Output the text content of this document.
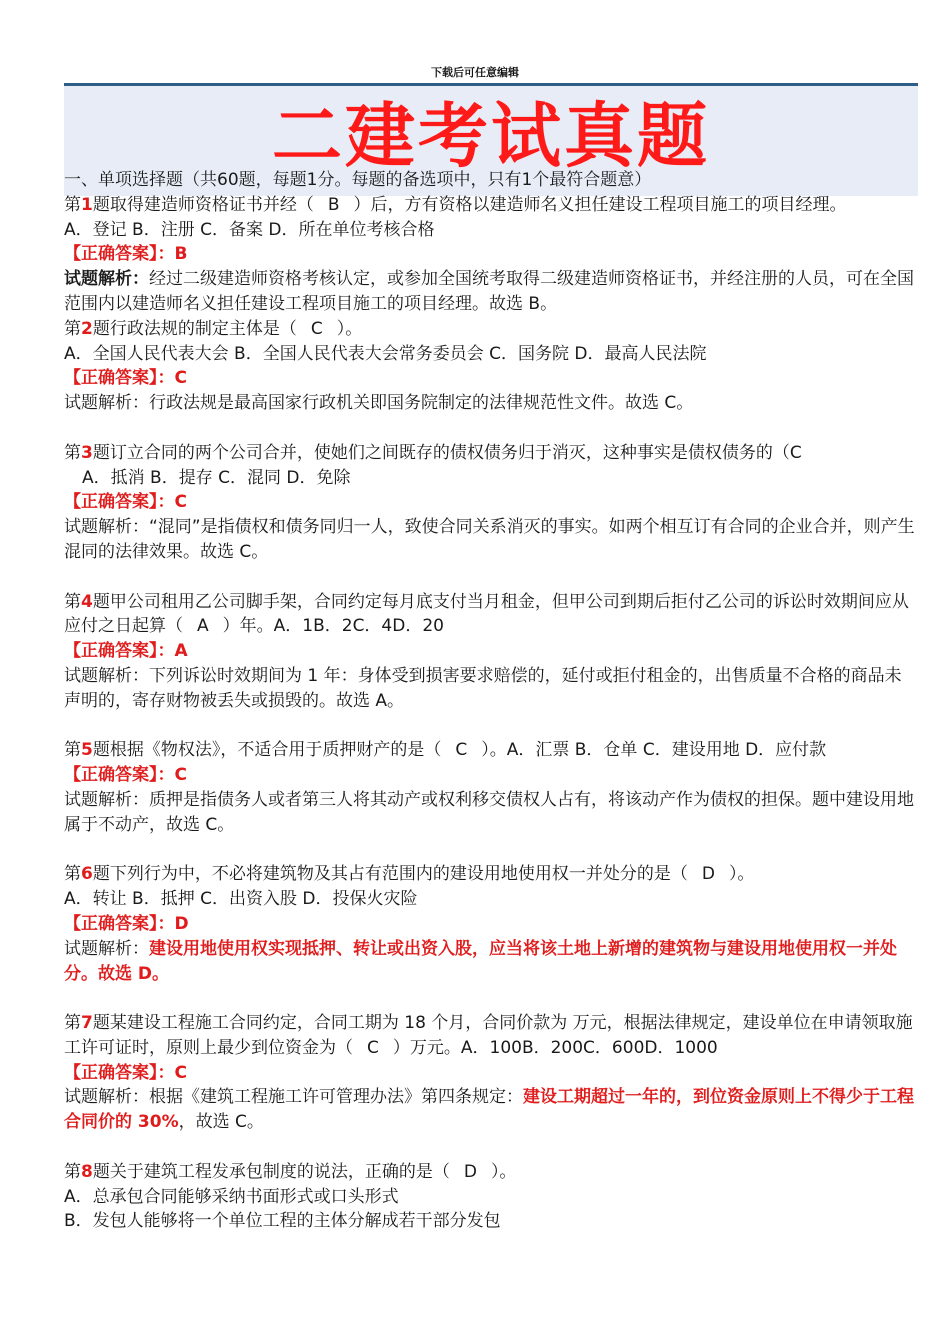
下载后可任意编辑
二建考试真题

一、单项选择题（共60题，每题1分。每题的备选项中，只有1个最符合题意）

第1题取得建造师资格证书并经（ B ）后，方有资格以建造师名义担任建设工程项目施工的项目经理。

A．登记 B．注册 C．备案 D．所在单位考核合格

【正确答案】：B

试题解析：经过二级建造师资格考核认定，或参加全国统考取得二级建造师资格证书，并经注册的人员，可在全国范围内以建造师名义担任建设工程项目施工的项目经理。故选 B。

第2题行政法规的制定主体是（ C ）。

A．全国人民代表大会 B．全国人民代表大会常务委员会 C．国务院 D．最高人民法院

【正确答案】：C

试题解析：行政法规是最高国家行政机关即国务院制定的法律规范性文件。故选 C。

第3题订立合同的两个公司合并，使她们之间既存的债权债务归于消灭，这种事实是债权债务的（C

A．抵消 B．提存 C．混同 D．免除

【正确答案】：C

试题解析：“混同”是指债权和债务同归一人，致使合同关系消灭的事实。如两个相互订有合同的企业合并，则产生混同的法律效果。故选 C。

第4题甲公司租用乙公司脚手架，合同约定每月底支付当月租金，但甲公司到期后拒付乙公司的诉讼时效期间应从应付之日起算（ A ）年。A．1B．2C．4D．20

【正确答案】：A

试题解析：下列诉讼时效期间为 1 年：身体受到损害要求赔偿的，延付或拒付租金的，出售质量不合格的商品未声明的，寄存财物被丢失或损毁的。故选 A。

第5题根据《物权法》，不适合用于质押财产的是（ C ）。A．汇票 B．仓单 C．建设用地 D．应付款

【正确答案】：C

试题解析：质押是指债务人或者第三人将其动产或权利移交债权人占有，将该动产作为债权的担保。题中建设用地属于不动产，故选 C。

第6题下列行为中，不必将建筑物及其占有范围内的建设用地使用权一并处分的是（ D ）。

A．转让 B．抵押 C．出资入股 D．投保火灾险

【正确答案】：D

试题解析：建设用地使用权实现抵押、转让或出资入股，应当将该土地上新增的建筑物与建设用地使用权一并处分。故选 D。

第7题某建设工程施工合同约定，合同工期为 18 个月，合同价款为 万元，根据法律规定，建设单位在申请领取施工许可证时，原则上最少到位资金为（ C ）万元。A．100B．200C．600D．1000

【正确答案】：C

试题解析：根据《建筑工程施工许可管理办法》第四条规定：建设工期超过一年的，到位资金原则上不得少于工程合同价的 30%，故选 C。

第8题关于建筑工程发承包制度的说法，正确的是（ D ）。

A．总承包合同能够采纳书面形式或口头形式

B．发包人能够将一个单位工程的主体分解成若干部分发包
